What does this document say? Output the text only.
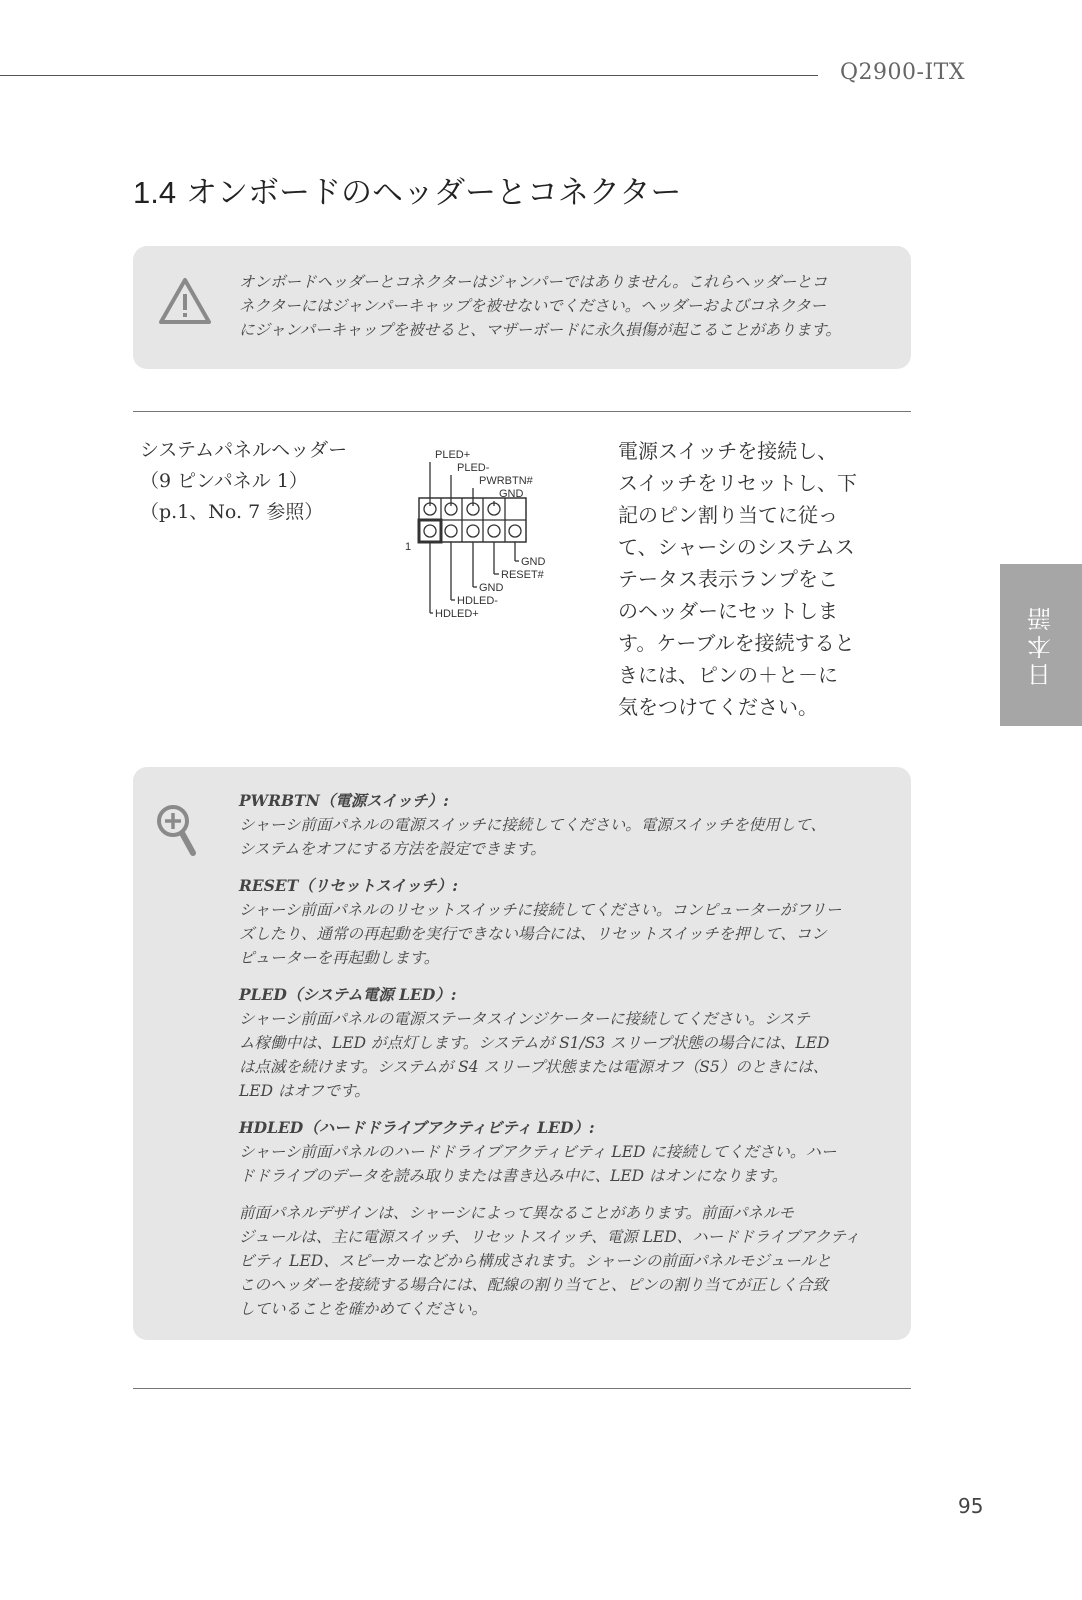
Q2900-ITX
1.4 オンボードのヘッダーとコネクター
オンボードヘッダーとコネクターはジャンパーではありません。これらヘッダーとコ
ネクターにはジャンパーキャップを被せないでください。ヘッダーおよびコネクター
にジャンパーキャップを被せると、マザーボードに永久損傷が起こることがあります。
システムパネルヘッダー
（9 ピンパネル 1）
（p.1、No. 7 参照）
PLED+
PLED-
PWRBTN#
GND
GND
RESET#
GND
HDLED-
HDLED+
1
電源スイッチを接続し、
スイッチをリセットし、下
記のピン割り当てに従っ
て、シャーシのシステムス
テータス表示ランプをこ
のヘッダーにセットしま
す。ケーブルを接続すると
きには、ピンの＋と－に
気をつけてください。
日本語
PWRBTN（電源スイッチ）:
シャーシ前面パネルの電源スイッチに接続してください。電源スイッチを使用して、
システムをオフにする方法を設定できます。
RESET（リセットスイッチ）:
シャーシ前面パネルのリセットスイッチに接続してください。コンピューターがフリー
ズしたり、通常の再起動を実行できない場合には、リセットスイッチを押して、コン
ピューターを再起動します。
PLED（システム電源 LED）:
シャーシ前面パネルの電源ステータスインジケーターに接続してください。システ
ム稼働中は、LED が点灯します。システムが S1/S3 スリープ状態の場合には、LED
は点滅を続けます。システムが S4 スリープ状態または電源オフ（S5）のときには、
LED はオフです。
HDLED（ハードドライブアクティビティ LED）:
シャーシ前面パネルのハードドライブアクティビティ LED に接続してください。ハー
ドドライブのデータを読み取りまたは書き込み中に、LED はオンになります。
前面パネルデザインは、シャーシによって異なることがあります。前面パネルモ
ジュールは、主に電源スイッチ、リセットスイッチ、電源 LED、ハードドライブアクティ
ビティ LED、スピーカーなどから構成されます。シャーシの前面パネルモジュールと
このヘッダーを接続する場合には、配線の割り当てと、ピンの割り当てが正しく合致
していることを確かめてください。
95
